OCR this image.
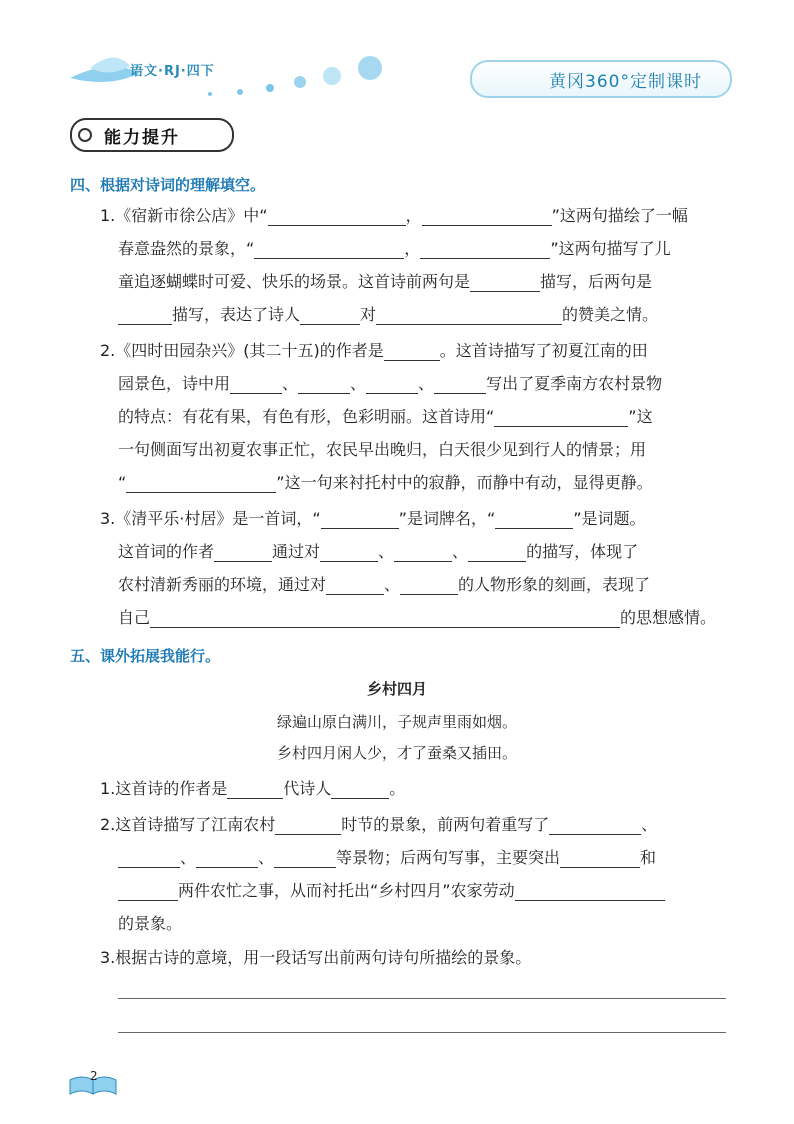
语文·RJ·四下
黄冈360°定制课时
能力提升
四、根据对诗词的理解填空。
1.《宿新市徐公店》中“	，	”这两句描绘了一幅
春意盎然的景象，“	，	”这两句描写了儿
童追逐蝴蝶时可爱、快乐的场景。这首诗前两句是	描写，后两句是
描写，表达了诗人	对	的赞美之情。
2.《四时田园杂兴》(其二十五)的作者是	。这首诗描写了初夏江南的田
园景色，诗中用	、	、	、	写出了夏季南方农村景物
的特点：有花有果，有色有形，色彩明丽。这首诗用“	”这
一句侧面写出初夏农事正忙，农民早出晚归，白天很少见到行人的情景；用
“	”这一句来衬托村中的寂静，而静中有动，显得更静。
3.《清平乐·村居》是一首词，“	”是词牌名，“	”是词题。
这首词的作者	通过对	、	、	的描写，体现了
农村清新秀丽的环境，通过对	、	的人物形象的刻画，表现了
自己	的思想感情。
五、课外拓展我能行。
乡村四月
绿遍山原白满川，子规声里雨如烟。
乡村四月闲人少，才了蚕桑又插田。
1.这首诗的作者是	代诗人	。
2.这首诗描写了江南农村	时节的景象，前两句着重写了	、
、	、	等景物；后两句写事，主要突出	和
两件农忙之事，从而衬托出“乡村四月”农家劳动
的景象。
3.根据古诗的意境，用一段话写出前两句诗句所描绘的景象。
2
